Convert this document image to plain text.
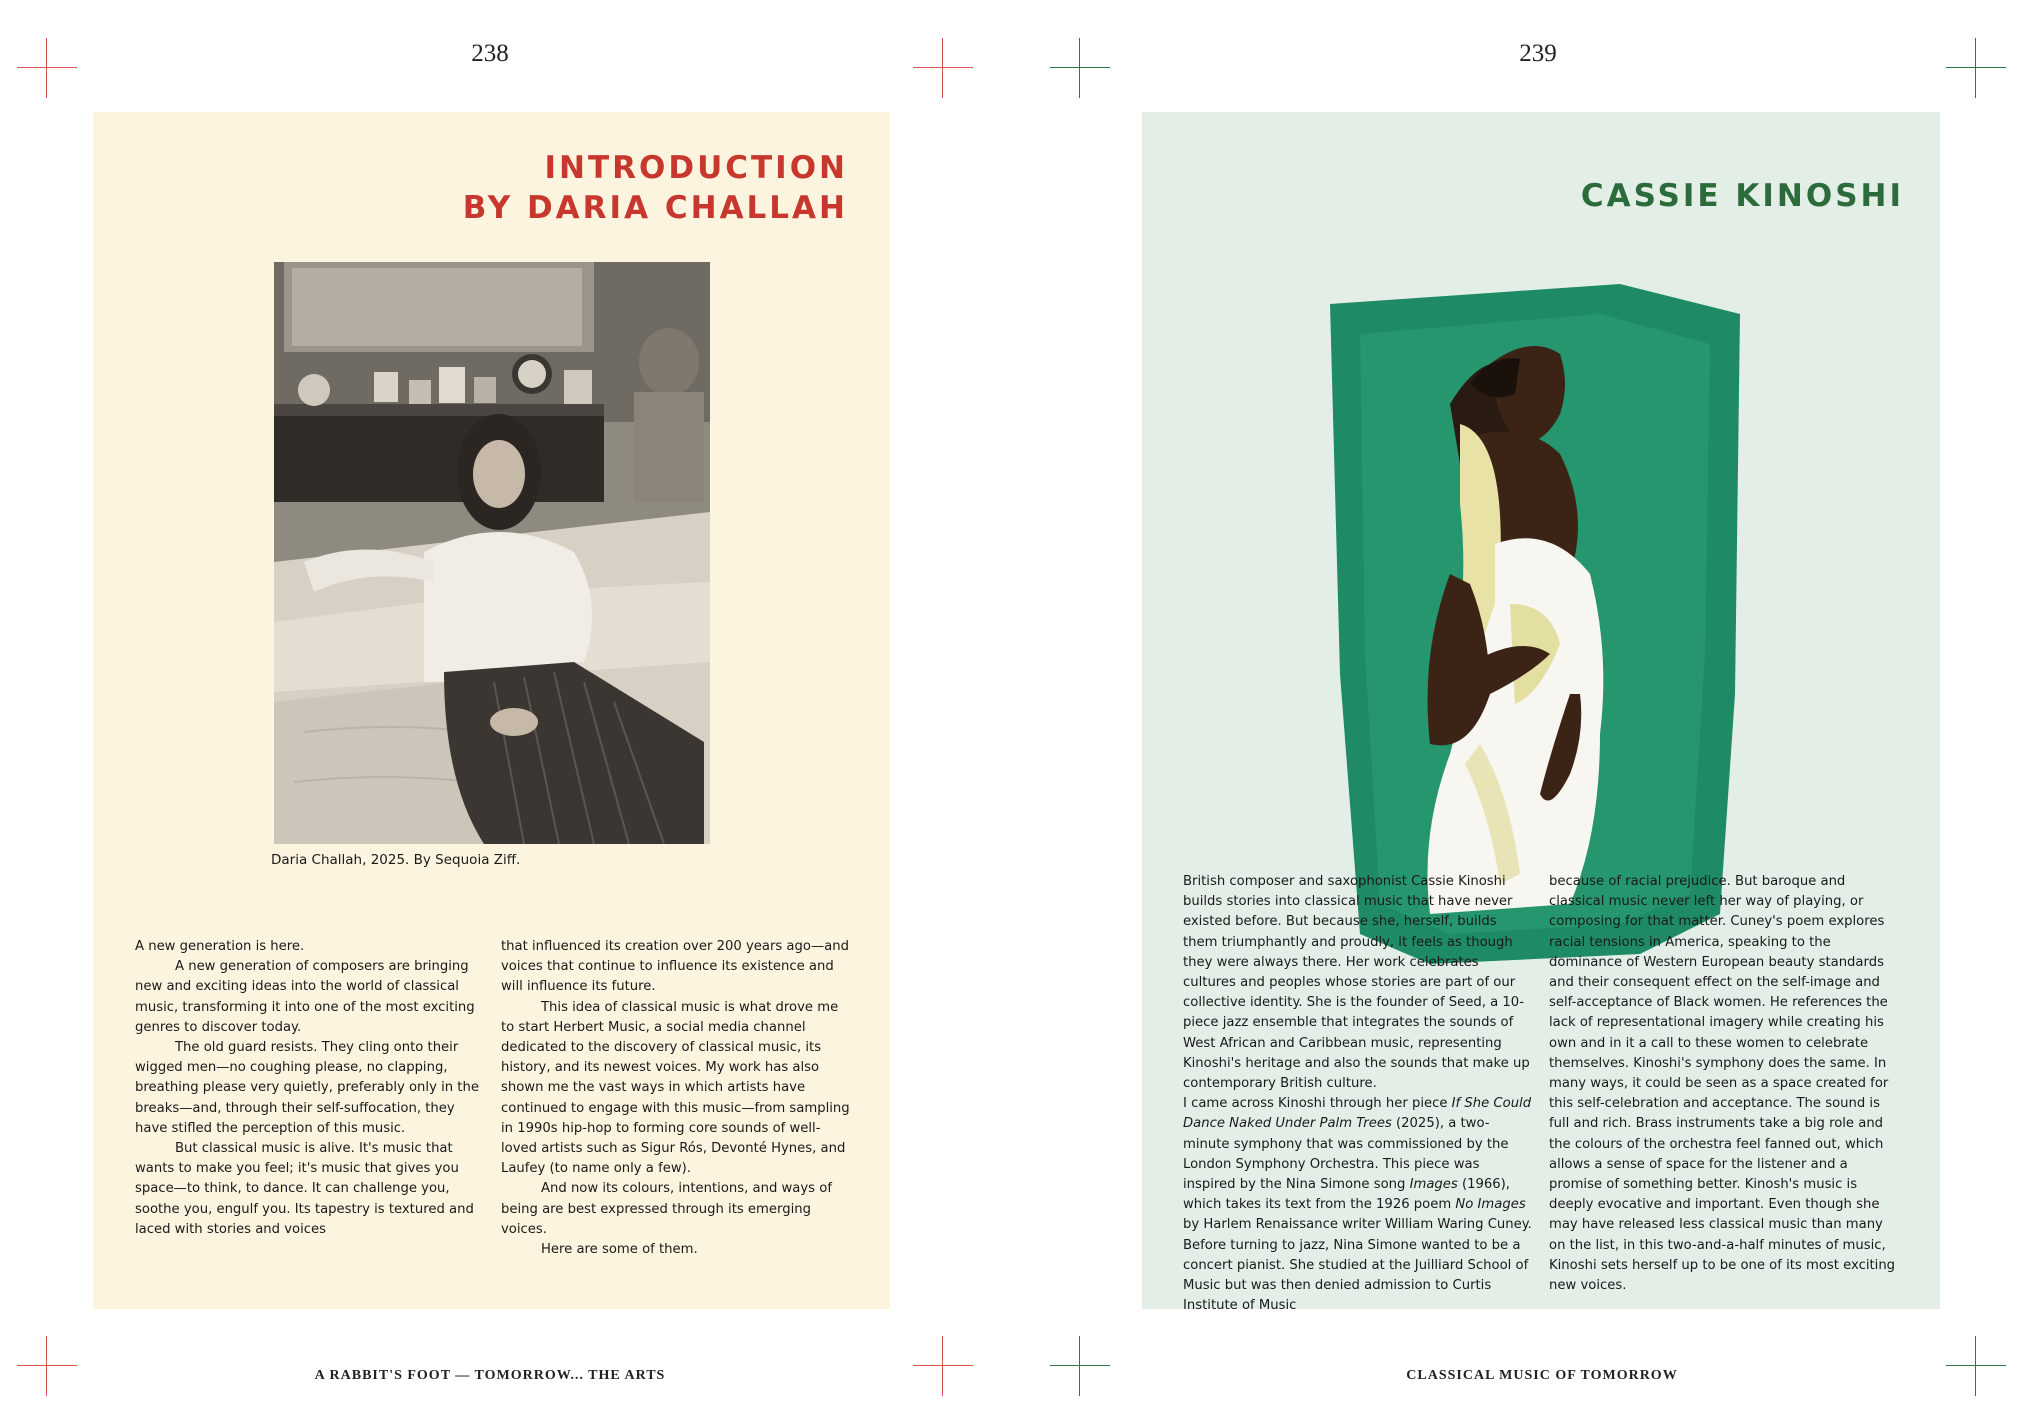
238	239
INTRODUCTION
BY DARIA CHALLAH
Daria Challah, 2025. By Sequoia Ziff.

A new generation is here.

A new generation of composers are bringing new and exciting ideas into the world of classical music, transforming it into one of the most exciting genres to discover today.

The old guard resists. They cling onto their wigged men—no coughing please, no clapping, breathing please very quietly, preferably only in the breaks—and, through their self-suffocation, they have stifled the perception of this music.

But classical music is alive. It's music that wants to make you feel; it's music that gives you space—to think, to dance. It can challenge you, soothe you, engulf you. Its tapestry is textured and laced with stories and voices

that influenced its creation over 200 years ago—and voices that continue to influence its existence and will influence its future.

This idea of classical music is what drove me to start Herbert Music, a social media channel dedicated to the discovery of classical music, its history, and its newest voices. My work has also shown me the vast ways in which artists have continued to engage with this music—from sampling in 1990s hip-hop to forming core sounds of well-loved artists such as Sigur Rós, Devonté Hynes, and Laufey (to name only a few).

And now its colours, intentions, and ways of being are best expressed through its emerging voices.

Here are some of them.

CASSIE KINOSHI

British composer and saxophonist Cassie Kinoshi builds stories into classical music that have never existed before. But because she, herself, builds them triumphantly and proudly, it feels as though they were always there. Her work celebrates cultures and peoples whose stories are part of our collective identity. She is the founder of Seed, a 10-piece jazz ensemble that integrates the sounds of West African and Caribbean music, representing Kinoshi's heritage and also the sounds that make up contemporary British culture.

I came across Kinoshi through her piece If She Could Dance Naked Under Palm Trees (2025), a two-minute symphony that was commissioned by the London Symphony Orchestra. This piece was inspired by the Nina Simone song Images (1966), which takes its text from the 1926 poem No Images by Harlem Renaissance writer William Waring Cuney. Before turning to jazz, Nina Simone wanted to be a concert pianist. She studied at the Juilliard School of Music but was then denied admission to Curtis Institute of Music

because of racial prejudice. But baroque and classical music never left her way of playing, or composing for that matter. Cuney's poem explores racial tensions in America, speaking to the dominance of Western European beauty standards and their consequent effect on the self-image and self-acceptance of Black women. He references the lack of representational imagery while creating his own and in it a call to these women to celebrate themselves. Kinoshi's symphony does the same. In many ways, it could be seen as a space created for this self-celebration and acceptance. The sound is full and rich. Brass instruments take a big role and the colours of the orchestra feel fanned out, which allows a sense of space for the listener and a promise of something better. Kinosh's music is deeply evocative and important. Even though she may have released less classical music than many on the list, in this two-and-a-half minutes of music, Kinoshi sets herself up to be one of its most exciting new voices.

A RABBIT'S FOOT — TOMORROW... THE ARTS	CLASSICAL MUSIC OF TOMORROW
